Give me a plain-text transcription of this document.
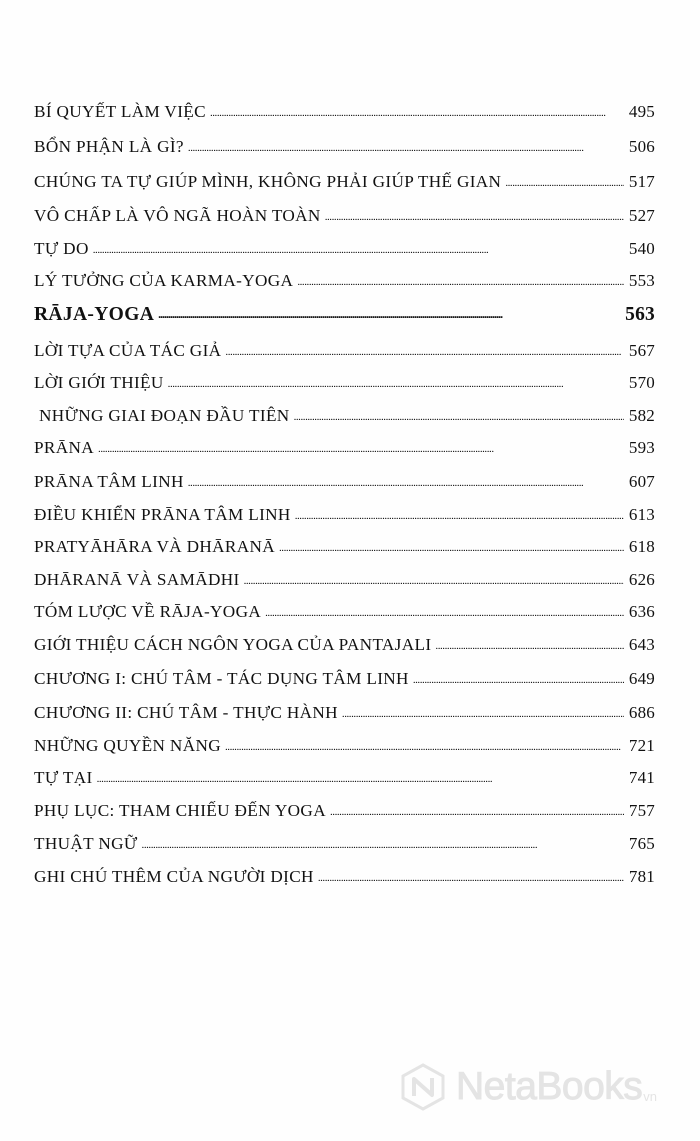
BÍ QUYẾT LÀM VIỆC . . .	495
BỔN PHẬN LÀ GÌ? . . .	506
CHÚNG TA TỰ GIÚP MÌNH, KHÔNG PHẢI GIÚP THẾ GIAN . . .	517
VÔ CHẤP LÀ VÔ NGÃ HOÀN TOÀN . . .	527
TỰ DO . . .	540
LÝ TƯỞNG CỦA KARMA-YOGA . . .	553
RĀJA-YOGA . . .	563
LỜI TỰA CỦA TÁC GIẢ . . .	567
LỜI GIỚI THIỆU . . .	570
NHỮNG GIAI ĐOẠN ĐẦU TIÊN . . .	582
PRĀNA . . .	593
PRĀNA TÂM LINH . . .	607
ĐIỀU KHIỂN PRĀNA TÂM LINH . . .	613
PRATYĀHĀRA VÀ DHĀRANĀ . . .	618
DHĀRANĀ VÀ SAMĀDHI . . .	626
TÓM LƯỢC VỀ RĀJA-YOGA . . .	636
GIỚI THIỆU CÁCH NGÔN YOGA CỦA PANTAJALI . . .	643
CHƯƠNG I: CHÚ TÂM - TÁC DỤNG TÂM LINH . . .	649
CHƯƠNG II: CHÚ TÂM - THỰC HÀNH . . .	686
NHỮNG QUYỀN NĂNG . . .	721
TỰ TẠI . . .	741
PHỤ LỤC: THAM CHIẾU ĐẾN YOGA . . .	757
THUẬT NGỮ . . .	765
GHI CHÚ THÊM CỦA NGƯỜI DỊCH . . .	781
NetaBooks vn
